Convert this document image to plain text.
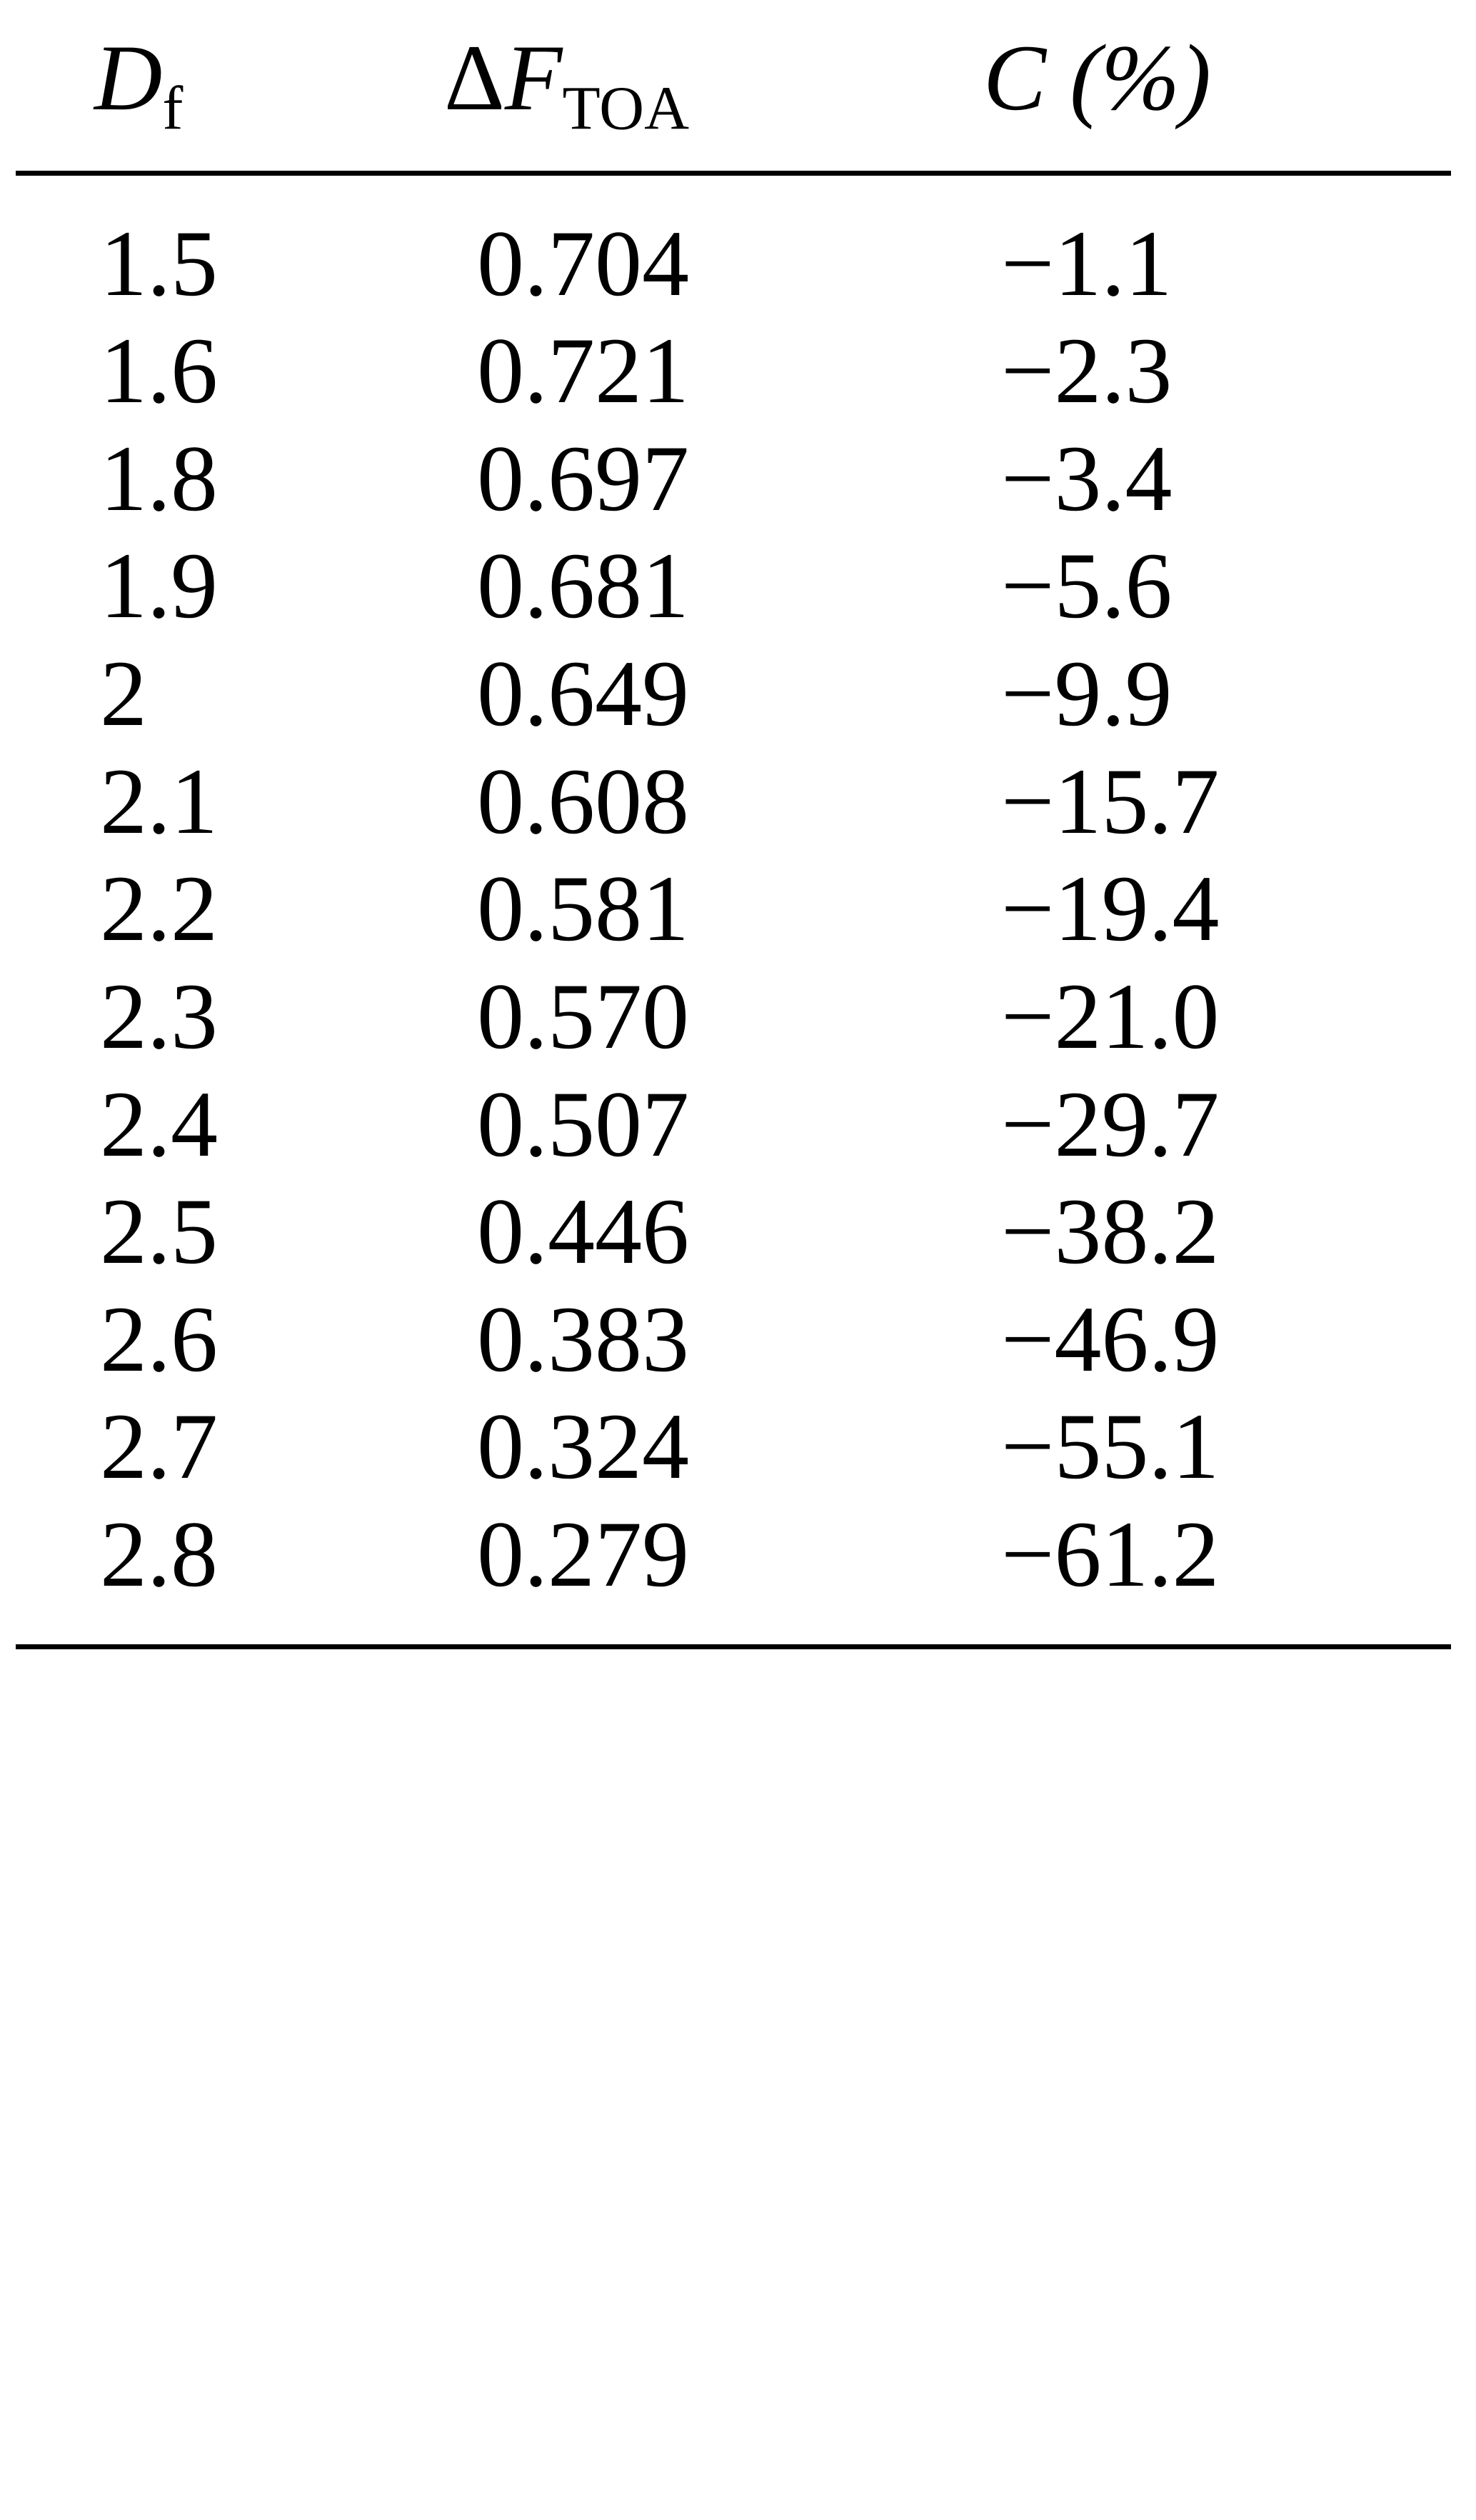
$D_f$	$\Delta F_{TOA}$	C (%)
1.5	0.704	−1.1
1.6	0.721	−2.3
1.8	0.697	−3.4
1.9	0.681	−5.6
2	0.649	−9.9
2.1	0.608	−15.7
2.2	0.581	−19.4
2.3	0.570	−21.0
2.4	0.507	−29.7
2.5	0.446	−38.2
2.6	0.383	−46.9
2.7	0.324	−55.1
2.8	0.279	−61.2
